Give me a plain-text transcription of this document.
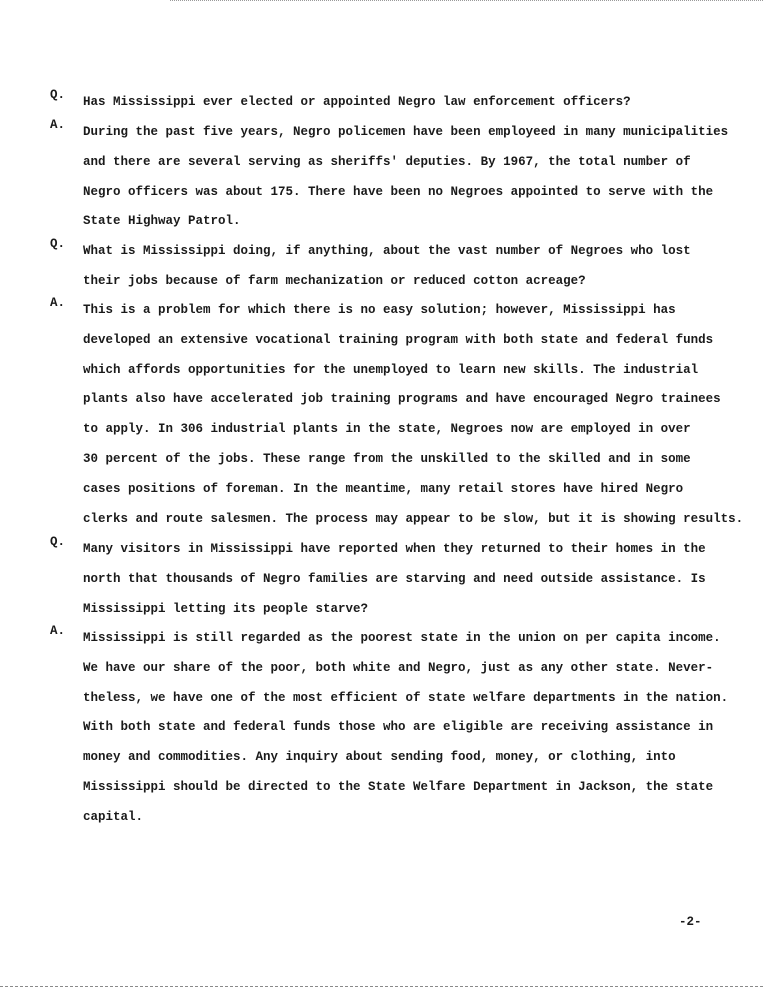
Q.	Has Mississippi ever elected or appointed Negro law enforcement officers?
A.	During the past five years, Negro policemen have been employeed in many municipalities
and there are several serving as sheriffs' deputies. By 1967, the total number of
Negro officers was about 175. There have been no Negroes appointed to serve with the
State Highway Patrol.
Q.	What is Mississippi doing, if anything, about the vast number of Negroes who lost
their jobs because of farm mechanization or reduced cotton acreage?
A.	This is a problem for which there is no easy solution; however, Mississippi has
developed an extensive vocational training program with both state and federal funds
which affords opportunities for the unemployed to learn new skills. The industrial
plants also have accelerated job training programs and have encouraged Negro trainees
to apply. In 306 industrial plants in the state, Negroes now are employed in over
30 percent of the jobs. These range from the unskilled to the skilled and in some
cases positions of foreman. In the meantime, many retail stores have hired Negro
clerks and route salesmen. The process may appear to be slow, but it is showing results.
Q.	Many visitors in Mississippi have reported when they returned to their homes in the
north that thousands of Negro families are starving and need outside assistance. Is
Mississippi letting its people starve?
A.	Mississippi is still regarded as the poorest state in the union on per capita income.
We have our share of the poor, both white and Negro, just as any other state. Never-
theless, we have one of the most efficient of state welfare departments in the nation.
With both state and federal funds those who are eligible are receiving assistance in
money and commodities. Any inquiry about sending food, money, or clothing, into
Mississippi should be directed to the State Welfare Department in Jackson, the state
capital.
-2-
